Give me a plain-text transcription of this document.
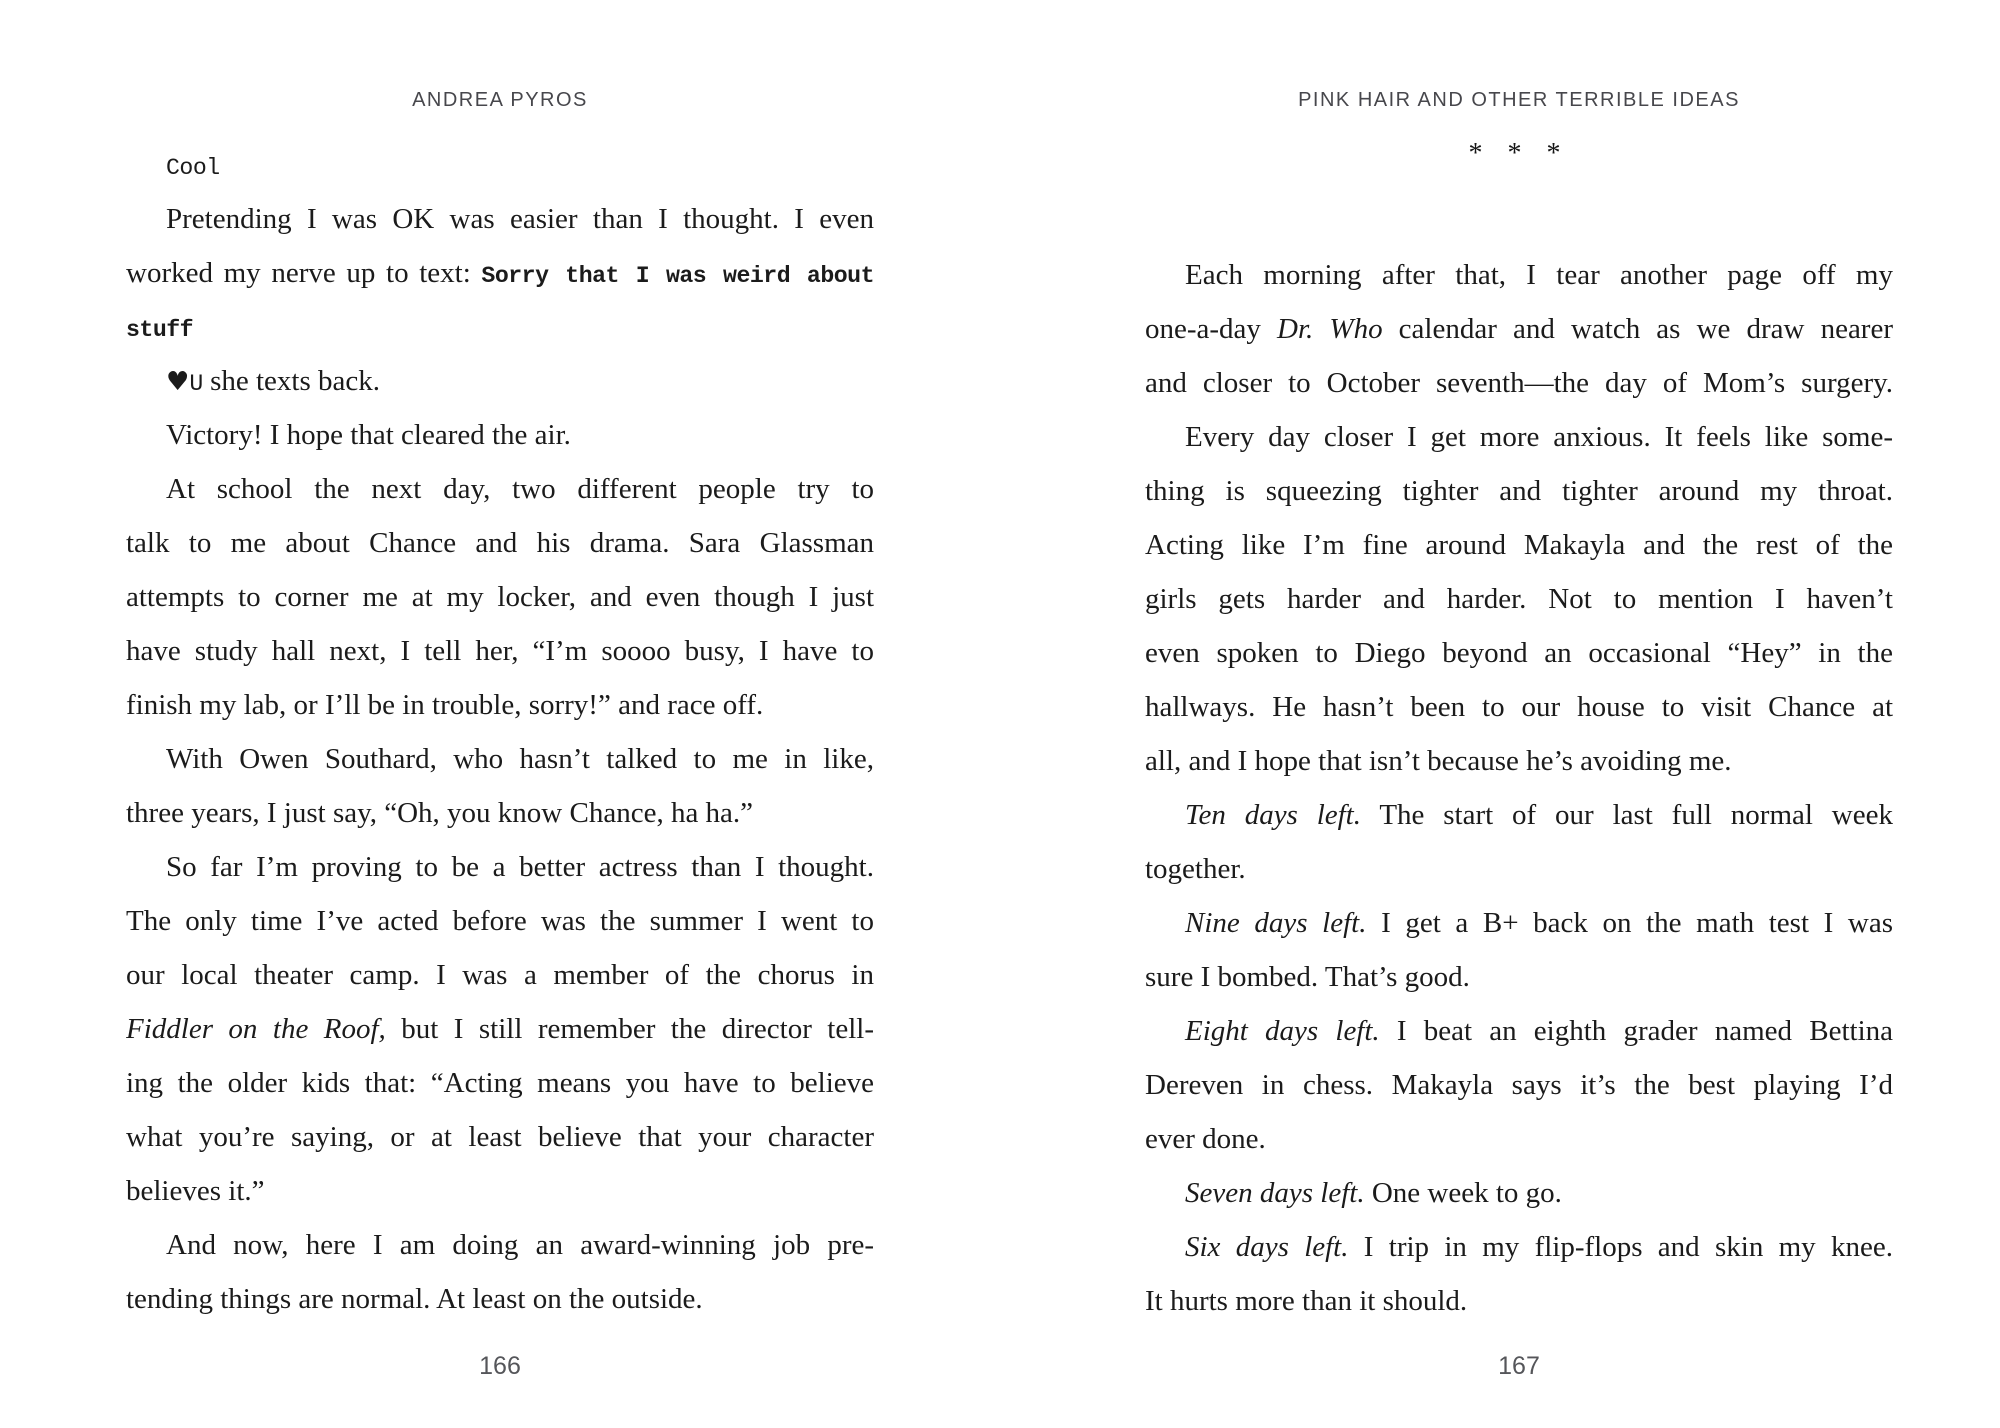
ANDREA PYROS
Cool
Pretending I was OK was easier than I thought. I even
worked my nerve up to text: Sorry that I was weird about
stuff
♥U she texts back.
Victory! I hope that cleared the air.
At school the next day, two different people try to
talk to me about Chance and his drama. Sara Glassman
attempts to corner me at my locker, and even though I just
have study hall next, I tell her, “I’m soooo busy, I have to
finish my lab, or I’ll be in trouble, sorry!” and race off.
With Owen Southard, who hasn’t talked to me in like,
three years, I just say, “Oh, you know Chance, ha ha.”
So far I’m proving to be a better actress than I thought.
The only time I’ve acted before was the summer I went to
our local theater camp. I was a member of the chorus in
Fiddler on the Roof, but I still remember the director tell-
ing the older kids that: “Acting means you have to believe
what you’re saying, or at least believe that your character
believes it.”
And now, here I am doing an award-winning job pre-
tending things are normal. At least on the outside.
166
PINK HAIR AND OTHER TERRIBLE IDEAS
* * *
Each morning after that, I tear another page off my
one-a-day Dr. Who calendar and watch as we draw nearer
and closer to October seventh—the day of Mom’s surgery.
Every day closer I get more anxious. It feels like some-
thing is squeezing tighter and tighter around my throat.
Acting like I’m fine around Makayla and the rest of the
girls gets harder and harder. Not to mention I haven’t
even spoken to Diego beyond an occasional “Hey” in the
hallways. He hasn’t been to our house to visit Chance at
all, and I hope that isn’t because he’s avoiding me.
Ten days left. The start of our last full normal week
together.
Nine days left. I get a B+ back on the math test I was
sure I bombed. That’s good.
Eight days left. I beat an eighth grader named Bettina
Dereven in chess. Makayla says it’s the best playing I’d
ever done.
Seven days left. One week to go.
Six days left. I trip in my flip-flops and skin my knee.
It hurts more than it should.
167
